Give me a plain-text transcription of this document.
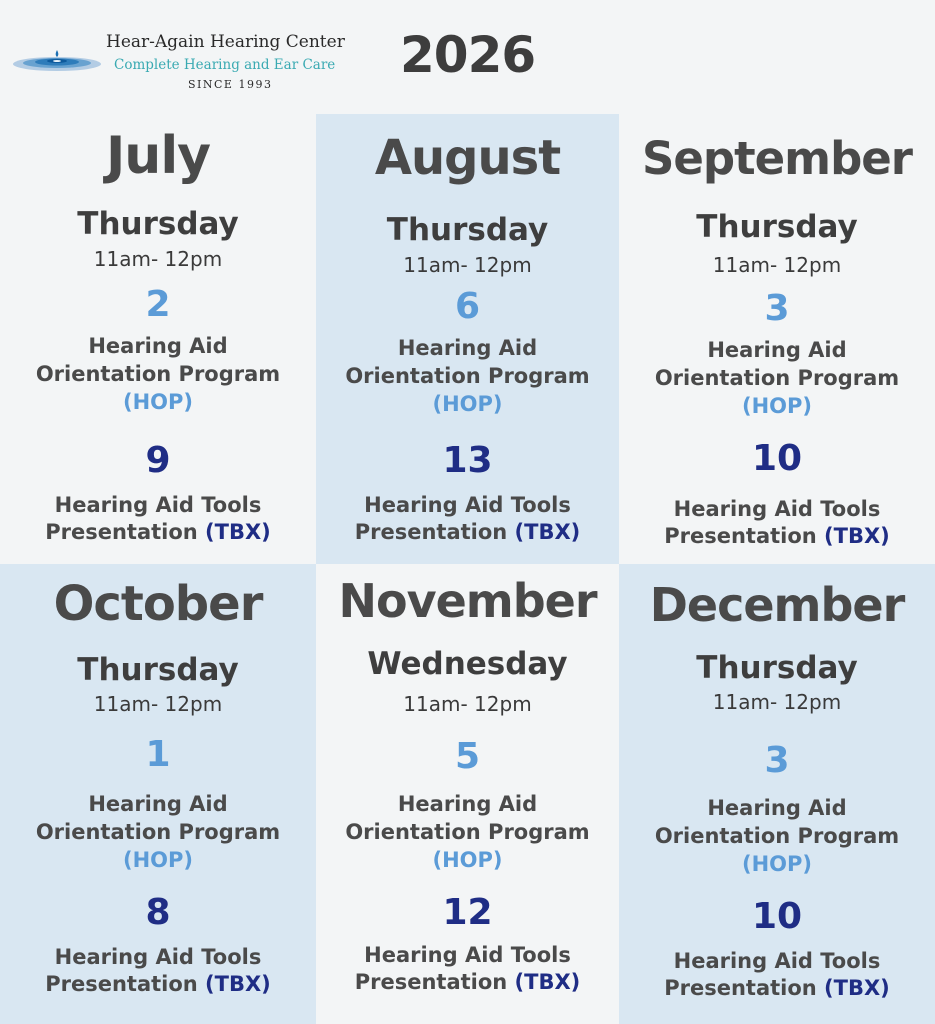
July
Thursday
11am- 12pm
2
Hearing Aid
Orientation Program
(HOP)
9
Hearing Aid Tools
Presentation (TBX)
August
Thursday
11am- 12pm
6
Hearing Aid
Orientation Program
(HOP)
13
Hearing Aid Tools
Presentation (TBX)
September
Thursday
11am- 12pm
3
Hearing Aid
Orientation Program
(HOP)
10
Hearing Aid Tools
Presentation (TBX)
October
Thursday
11am- 12pm
1
Hearing Aid
Orientation Program
(HOP)
8
Hearing Aid Tools
Presentation (TBX)
November
Wednesday
11am- 12pm
5
Hearing Aid
Orientation Program
(HOP)
12
Hearing Aid Tools
Presentation (TBX)
December
Thursday
11am- 12pm
3
Hearing Aid
Orientation Program
(HOP)
10
Hearing Aid Tools
Presentation (TBX)
Hear-Again Hearing Center
Complete Hearing and Ear Care
SINCE 1993
2026
